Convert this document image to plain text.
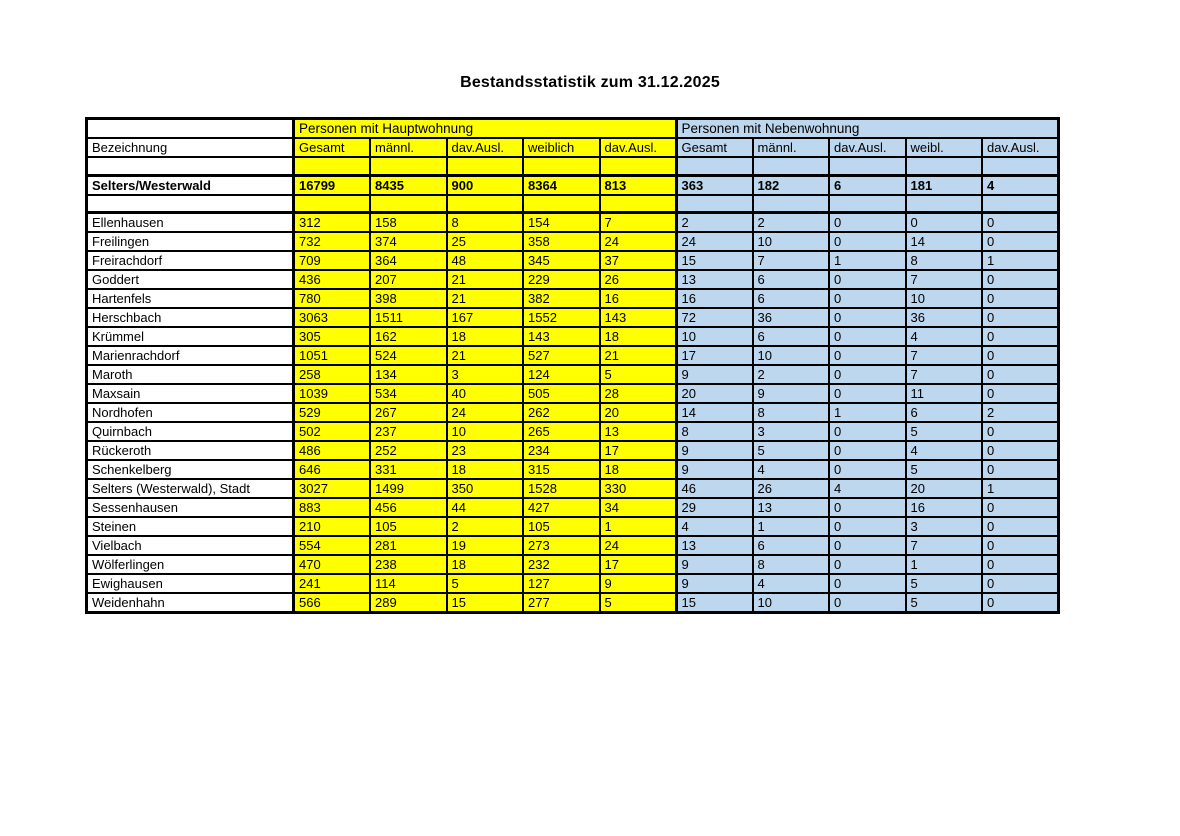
Bestandsstatistik zum 31.12.2025
	Personen mit Hauptwohnung					Personen mit Nebenwohnung				
Bezeichnung	Gesamt	männl.	dav.Ausl.	weiblich	dav.Ausl.	Gesamt	männl.	dav.Ausl.	weibl.	dav.Ausl.

Selters/Westerwald	16799	8435	900	8364	813	363	182	6	181	4

Ellenhausen	312	158	8	154	7	2	2	0	0	0
Freilingen	732	374	25	358	24	24	10	0	14	0
Freirachdorf	709	364	48	345	37	15	7	1	8	1
Goddert	436	207	21	229	26	13	6	0	7	0
Hartenfels	780	398	21	382	16	16	6	0	10	0
Herschbach	3063	1511	167	1552	143	72	36	0	36	0
Krümmel	305	162	18	143	18	10	6	0	4	0
Marienrachdorf	1051	524	21	527	21	17	10	0	7	0
Maroth	258	134	3	124	5	9	2	0	7	0
Maxsain	1039	534	40	505	28	20	9	0	11	0
Nordhofen	529	267	24	262	20	14	8	1	6	2
Quirnbach	502	237	10	265	13	8	3	0	5	0
Rückeroth	486	252	23	234	17	9	5	0	4	0
Schenkelberg	646	331	18	315	18	9	4	0	5	0
Selters (Westerwald), Stadt	3027	1499	350	1528	330	46	26	4	20	1
Sessenhausen	883	456	44	427	34	29	13	0	16	0
Steinen	210	105	2	105	1	4	1	0	3	0
Vielbach	554	281	19	273	24	13	6	0	7	0
Wölferlingen	470	238	18	232	17	9	8	0	1	0
Ewighausen	241	114	5	127	9	9	4	0	5	0
Weidenhahn	566	289	15	277	5	15	10	0	5	0
